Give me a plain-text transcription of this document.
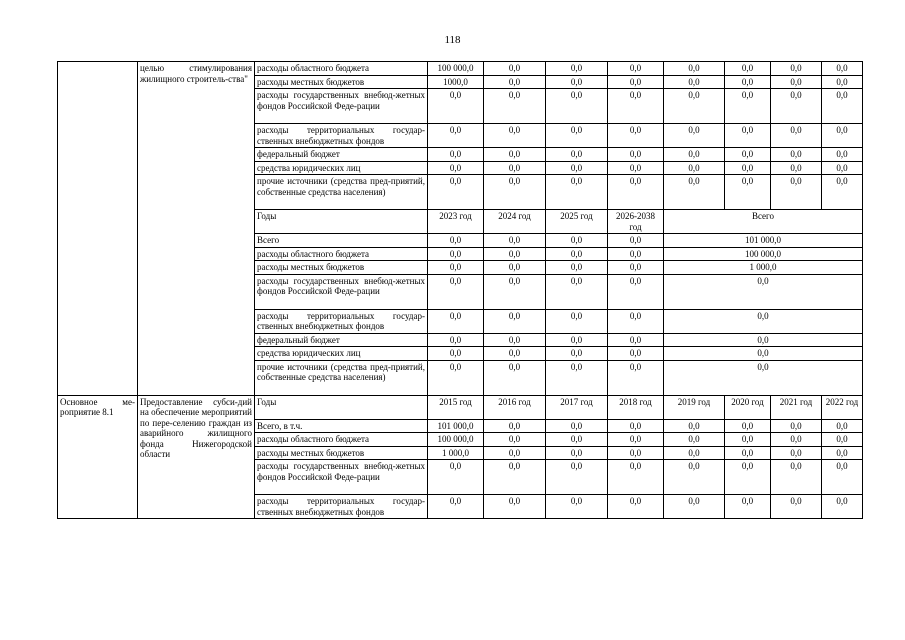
118
	целью стимулирования жилищного строитель-ства"	расходы областного бюджета	100 000,0	0,0	0,0	0,0	0,0	0,0	0,0	0,0
		расходы местных бюджетов	1000,0	0,0	0,0	0,0	0,0	0,0	0,0	0,0
		расходы государственных внебюд-жетных фондов Российской Феде-рации	0,0	0,0	0,0	0,0	0,0	0,0	0,0	0,0
		расходы территориальных государ-ственных внебюджетных фондов	0,0	0,0	0,0	0,0	0,0	0,0	0,0	0,0
		федеральный бюджет	0,0	0,0	0,0	0,0	0,0	0,0	0,0	0,0
		средства юридических лиц	0,0	0,0	0,0	0,0	0,0	0,0	0,0	0,0
		прочие источники (средства пред-приятий, собственные средства населения)	0,0	0,0	0,0	0,0	0,0	0,0	0,0	0,0
		Годы	2023 год	2024 год	2025 год	2026-2038 год	Всего			
		Всего	0,0	0,0	0,0	0,0	101 000,0			
		расходы областного бюджета	0,0	0,0	0,0	0,0	100 000,0			
		расходы местных бюджетов	0,0	0,0	0,0	0,0	1 000,0			
		расходы государственных внебюд-жетных фондов Российской Феде-рации	0,0	0,0	0,0	0,0	0,0			
		расходы территориальных государ-ственных внебюджетных фондов	0,0	0,0	0,0	0,0	0,0			
		федеральный бюджет	0,0	0,0	0,0	0,0	0,0			
		средства юридических лиц	0,0	0,0	0,0	0,0	0,0			
		прочие источники (средства пред-приятий, собственные средства населения)	0,0	0,0	0,0	0,0	0,0			
Основное ме-роприятие 8.1	Предоставление субси-дий на обеспечение мероприятий по пере-селению граждан из аварийного жилищного фонда Нижегородской области	Годы	2015 год	2016 год	2017 год	2018 год	2019 год	2020 год	2021 год	2022 год
		Всего, в т.ч.	101 000,0	0,0	0,0	0,0	0,0	0,0	0,0	0,0
		расходы областного бюджета	100 000,0	0,0	0,0	0,0	0,0	0,0	0,0	0,0
		расходы местных бюджетов	1 000,0	0,0	0,0	0,0	0,0	0,0	0,0	0,0
		расходы государственных внебюд-жетных фондов Российской Феде-рации	0,0	0,0	0,0	0,0	0,0	0,0	0,0	0,0
		расходы территориальных государ-ственных внебюджетных фондов	0,0	0,0	0,0	0,0	0,0	0,0	0,0	0,0
